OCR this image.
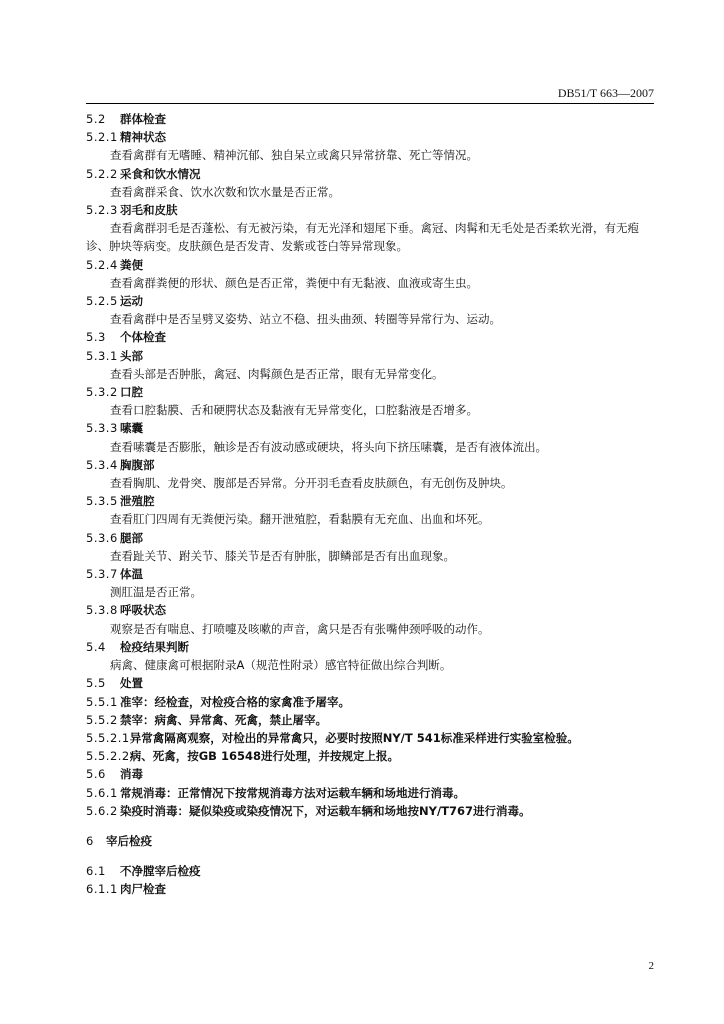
DB51/T 663—2007
5.2 群体检查
5.2.1 精神状态
查看禽群有无嗜睡、精神沉郁、独自呆立或禽只异常挤靠、死亡等情况。
5.2.2 采食和饮水情况
查看禽群采食、饮水次数和饮水量是否正常。
5.2.3 羽毛和皮肤
查看禽群羽毛是否蓬松、有无被污染，有无光泽和翅尾下垂。禽冠、肉髯和无毛处是否柔软光滑，有无疱诊、肿块等病变。皮肤颜色是否发青、发紫或苍白等异常现象。
5.2.4 粪便
查看禽群粪便的形状、颜色是否正常，粪便中有无黏液、血液或寄生虫。
5.2.5 运动
查看禽群中是否呈劈叉姿势、站立不稳、扭头曲颈、转圈等异常行为、运动。
5.3 个体检查
5.3.1 头部
查看头部是否肿胀，禽冠、肉髯颜色是否正常，眼有无异常变化。
5.3.2 口腔
查看口腔黏膜、舌和硬腭状态及黏液有无异常变化，口腔黏液是否增多。
5.3.3 嗉囊
查看嗉囊是否膨胀，触诊是否有波动感或硬块，将头向下挤压嗉囊，是否有液体流出。
5.3.4 胸腹部
查看胸肌、龙骨突、腹部是否异常。分开羽毛查看皮肤颜色，有无创伤及肿块。
5.3.5 泄殖腔
查看肛门四周有无粪便污染。翻开泄殖腔，看黏膜有无充血、出血和坏死。
5.3.6 腿部
查看趾关节、跗关节、膝关节是否有肿胀，脚鳞部是否有出血现象。
5.3.7 体温
测肛温是否正常。
5.3.8 呼吸状态
观察是否有喘息、打喷嚏及咳嗽的声音，禽只是否有张嘴伸颈呼吸的动作。
5.4 检疫结果判断
病禽、健康禽可根据附录A（规范性附录）感官特征做出综合判断。
5.5 处置
5.5.1 准宰：经检查，对检疫合格的家禽准予屠宰。
5.5.2 禁宰：病禽、异常禽、死禽，禁止屠宰。
5.5.2.1异常禽隔离观察，对检出的异常禽只，必要时按照NY/T 541标准采样进行实验室检验。
5.5.2.2病、死禽，按GB 16548进行处理，并按规定上报。
5.6 消毒
5.6.1 常规消毒：正常情况下按常规消毒方法对运载车辆和场地进行消毒。
5.6.2 染疫时消毒：疑似染疫或染疫情况下，对运载车辆和场地按NY/T767进行消毒。
6 宰后检疫
6.1 不净膛宰后检疫
6.1.1 肉尸检查
2
